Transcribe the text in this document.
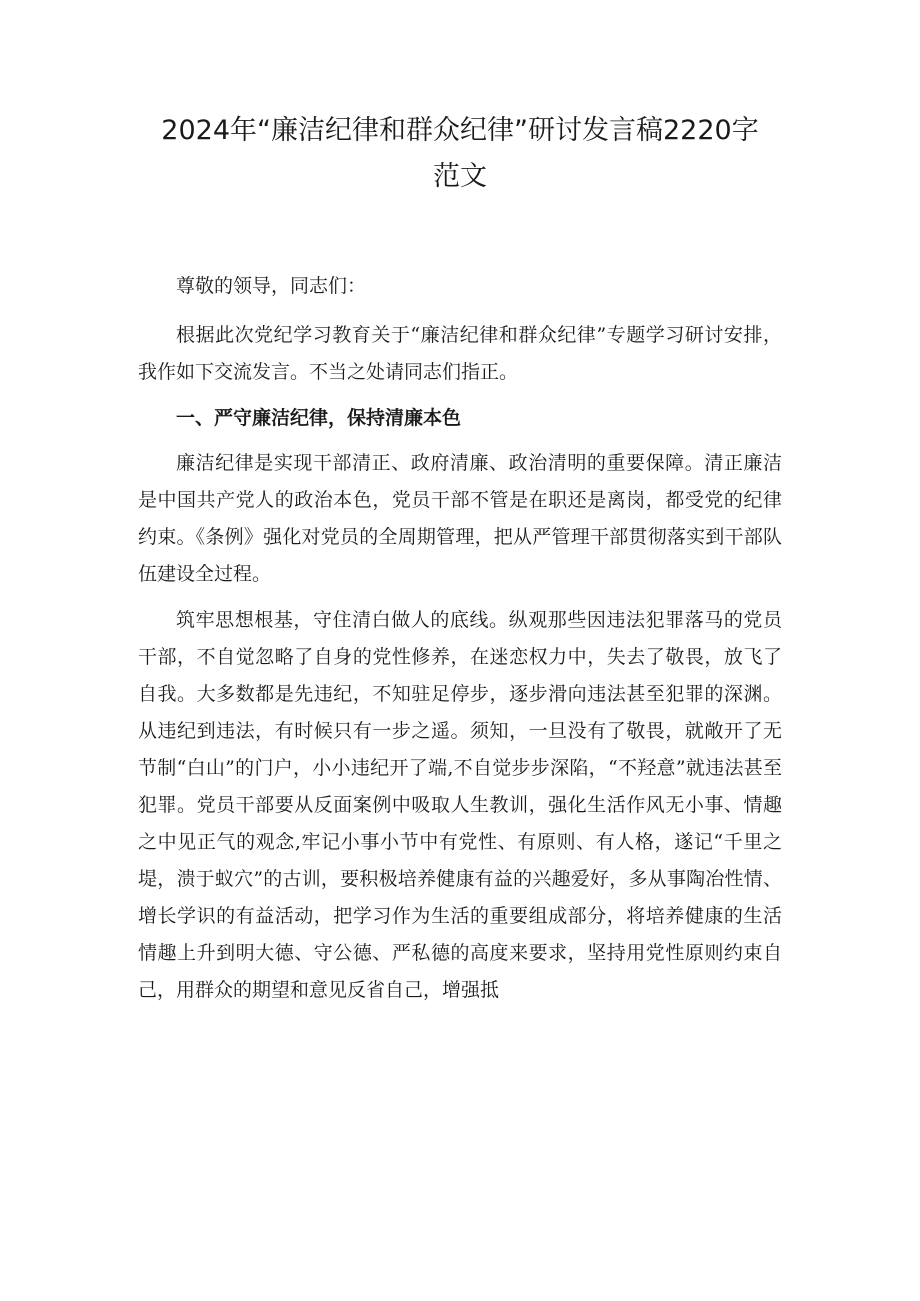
2024年“廉洁纪律和群众纪律”研讨发言稿2220字
范文

尊敬的领导，同志们：

根据此次党纪学习教育关于“廉洁纪律和群众纪律”专题学习研讨安排，我作如下交流发言。不当之处请同志们指正。

一、严守廉洁纪律，保持清廉本色

廉洁纪律是实现干部清正、政府清廉、政治清明的重要保障。清正廉洁是中国共产党人的政治本色，党员干部不管是在职还是离岗，都受党的纪律约束。《条例》强化对党员的全周期管理，把从严管理干部贯彻落实到干部队伍建设全过程。

筑牢思想根基，守住清白做人的底线。纵观那些因违法犯罪落马的党员干部，不自觉忽略了自身的党性修养，在迷恋权力中，失去了敬畏，放飞了自我。大多数都是先违纪，不知驻足停步，逐步滑向违法甚至犯罪的深渊。从违纪到违法，有时候只有一步之遥。须知，一旦没有了敬畏，就敞开了无节制“白山”的门户，小小违纪开了端,不自觉步步深陷，“不羟意”就违法甚至犯罪。党员干部要从反面案例中吸取人生教训，强化生活作风无小事、情趣之中见正气的观念,牢记小事小节中有党性、有原则、有人格，遂记“千里之堤，溃于蚁穴”的古训，要积极培养健康有益的兴趣爱好，多从事陶冶性情、增长学识的有益活动，把学习作为生活的重要组成部分，将培养健康的生活情趣上升到明大德、守公德、严私德的高度来要求，坚持用党性原则约束自己，用群众的期望和意见反省自己，增强抵
